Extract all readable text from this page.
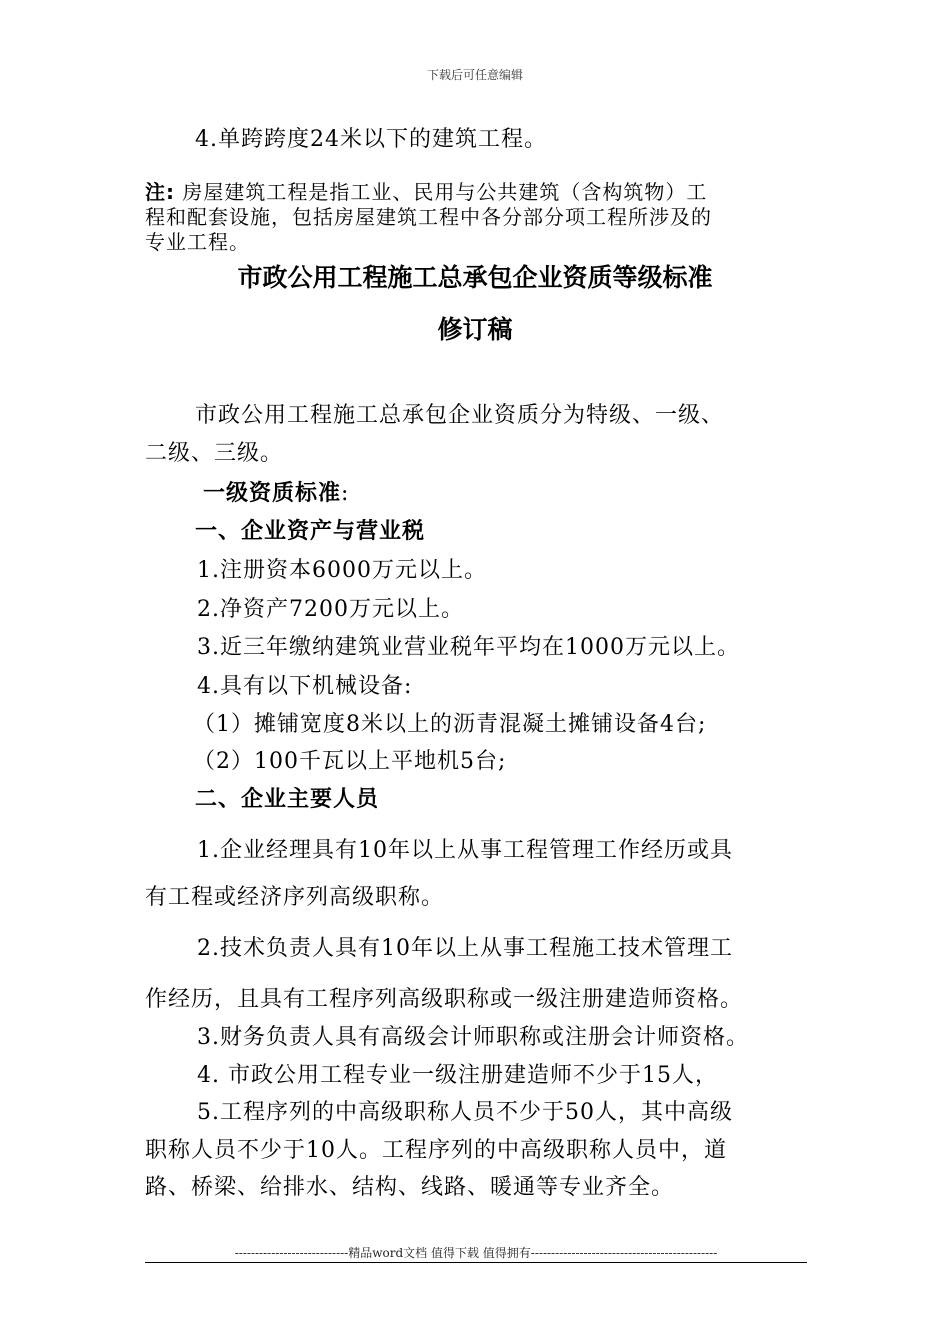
下载后可任意编辑
4.单跨跨度24米以下的建筑工程。
注: 房屋建筑工程是指工业、民用与公共建筑（含构筑物）工
程和配套设施，包括房屋建筑工程中各分部分项工程所涉及的
专业工程。
市政公用工程施工总承包企业资质等级标准
修订稿
市政公用工程施工总承包企业资质分为特级、一级、
二级、三级。
一级资质标准:
一、企业资产与营业税
1.注册资本6000万元以上。
2.净资产7200万元以上。
3.近三年缴纳建筑业营业税年平均在1000万元以上。
4.具有以下机械设备:
（1）摊铺宽度8米以上的沥青混凝土摊铺设备4台;
（2）100千瓦以上平地机5台;
二、企业主要人员
1.企业经理具有10年以上从事工程管理工作经历或具
有工程或经济序列高级职称。
2.技术负责人具有10年以上从事工程施工技术管理工
作经历，且具有工程序列高级职称或一级注册建造师资格。
3.财务负责人具有高级会计师职称或注册会计师资格。
4. 市政公用工程专业一级注册建造师不少于15人，
5.工程序列的中高级职称人员不少于50人，其中高级
职称人员不少于10人。工程序列的中高级职称人员中，道
路、桥梁、给排水、结构、线路、暖通等专业齐全。
----------------------------精品word文档 值得下载 值得拥有----------------------------------------------
